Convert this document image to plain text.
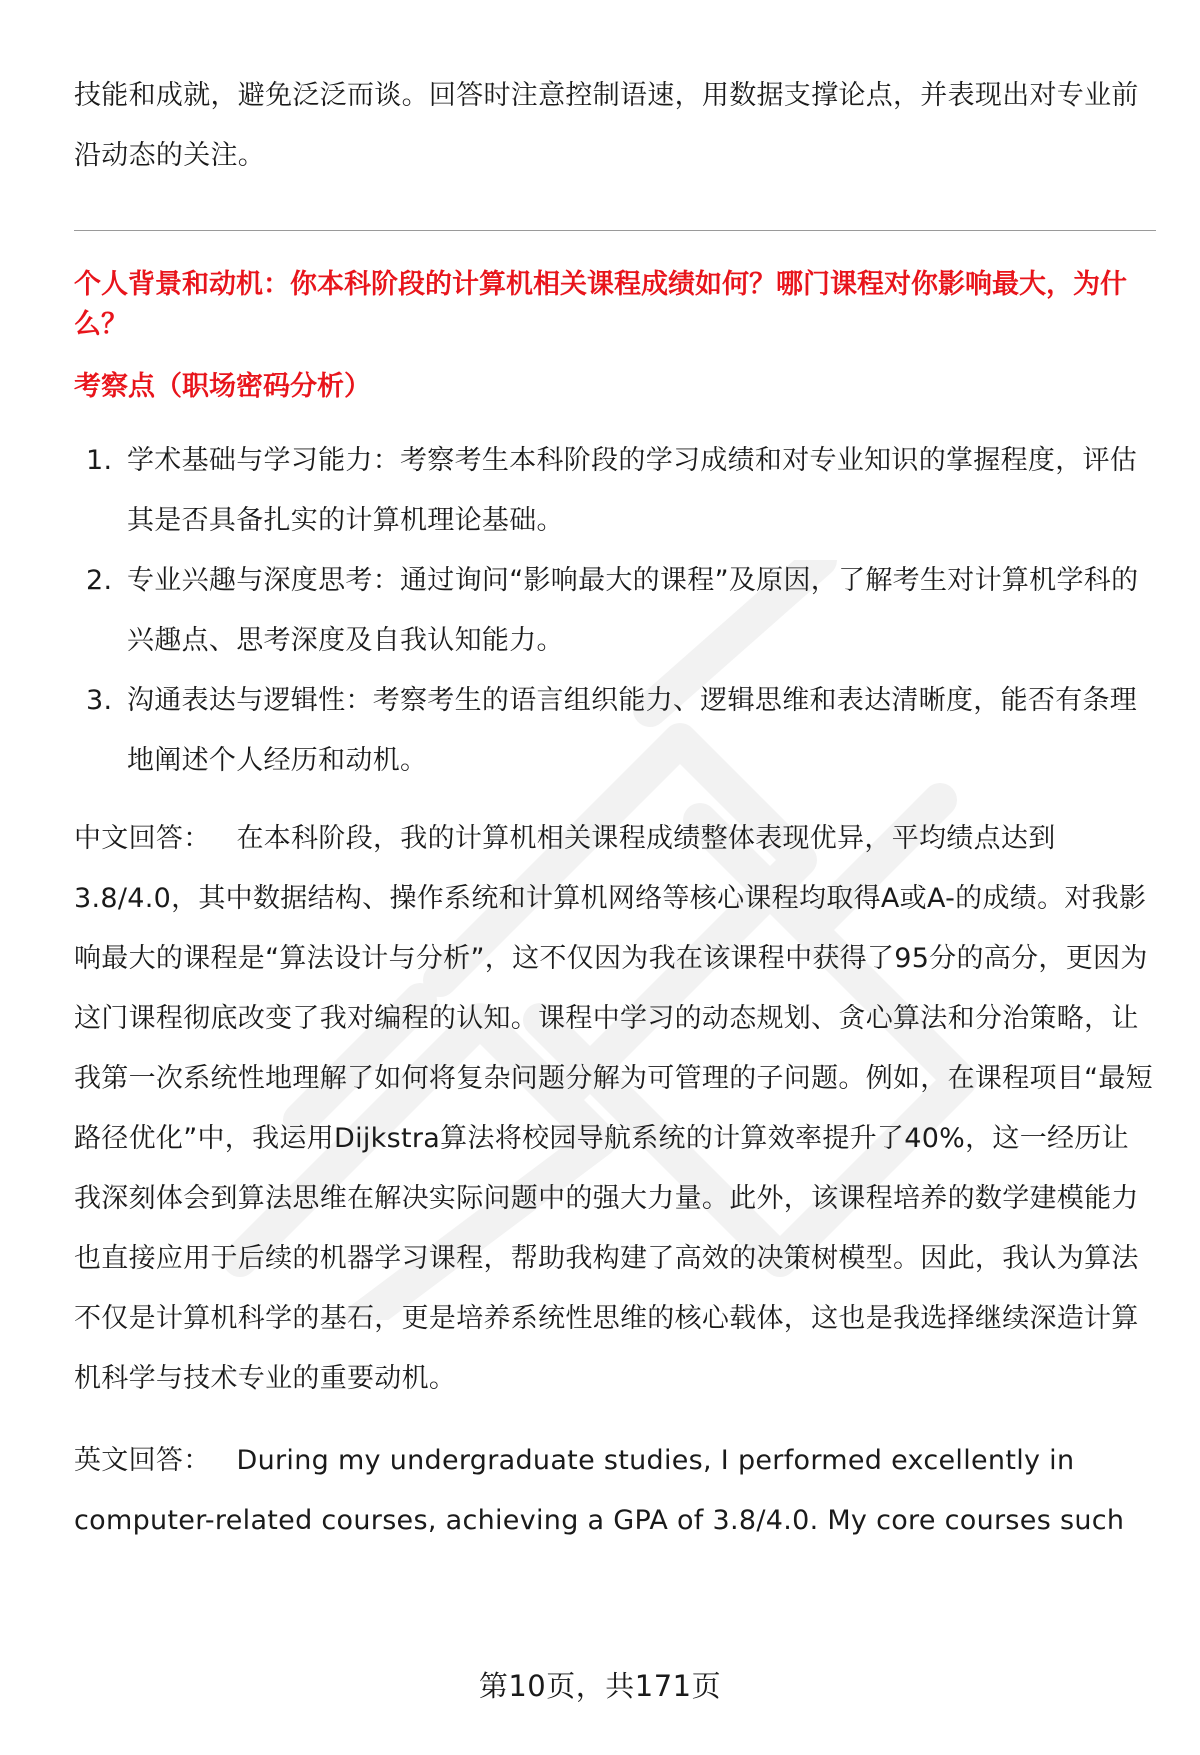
技能和成就，避免泛泛而谈。回答时注意控制语速，用数据支撑论点，并表现出对专业前沿动态的关注。

个人背景和动机：你本科阶段的计算机相关课程成绩如何？哪门课程对你影响最大，为什么？

考察点（职场密码分析）

1. 学术基础与学习能力：考察考生本科阶段的学习成绩和对专业知识的掌握程度，评估其是否具备扎实的计算机理论基础。
2. 专业兴趣与深度思考：通过询问“影响最大的课程”及原因，了解考生对计算机学科的兴趣点、思考深度及自我认知能力。
3. 沟通表达与逻辑性：考察考生的语言组织能力、逻辑思维和表达清晰度，能否有条理地阐述个人经历和动机。

中文回答： 在本科阶段，我的计算机相关课程成绩整体表现优异，平均绩点达到3.8/4.0，其中数据结构、操作系统和计算机网络等核心课程均取得A或A-的成绩。对我影响最大的课程是“算法设计与分析”，这不仅因为我在该课程中获得了95分的高分，更因为这门课程彻底改变了我对编程的认知。课程中学习的动态规划、贪心算法和分治策略，让我第一次系统性地理解了如何将复杂问题分解为可管理的子问题。例如，在课程项目“最短路径优化”中，我运用Dijkstra算法将校园导航系统的计算效率提升了40%，这一经历让我深刻体会到算法思维在解决实际问题中的强大力量。此外，该课程培养的数学建模能力也直接应用于后续的机器学习课程，帮助我构建了高效的决策树模型。因此，我认为算法不仅是计算机科学的基石，更是培养系统性思维的核心载体，这也是我选择继续深造计算机科学与技术专业的重要动机。

英文回答： During my undergraduate studies, I performed excellently in computer-related courses, achieving a GPA of 3.8/4.0. My core courses such

第10页，共171页
